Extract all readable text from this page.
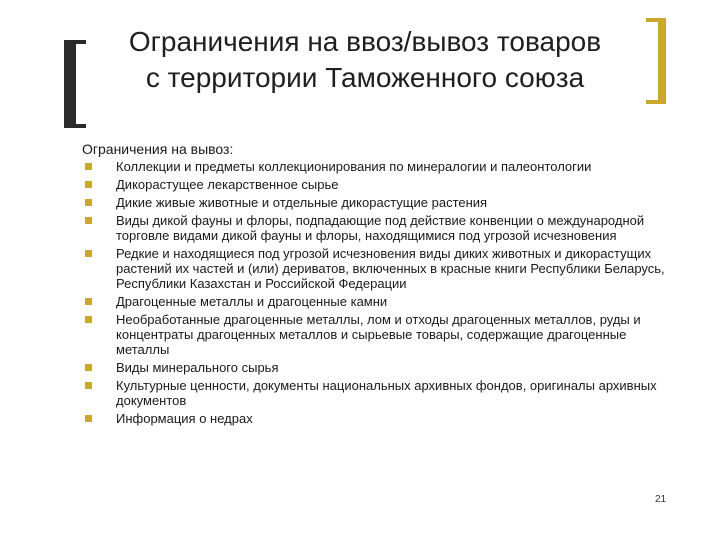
Ограничения на ввоз/вывоз товаров
с территории Таможенного союза
Ограничения на вывоз:
Коллекции и предметы коллекционирования по минералогии и палеонтологии
Дикорастущее лекарственное сырье
Дикие живые животные и отдельные дикорастущие растения
Виды дикой фауны и флоры, подпадающие под действие конвенции о международной торговле видами дикой фауны и флоры, находящимися под угрозой исчезновения
Редкие и находящиеся под угрозой исчезновения виды диких животных и дикорастущих растений их частей и (или) дериватов, включенных в красные книги Республики Беларусь, Республики Казахстан и Российской Федерации
Драгоценные металлы и драгоценные камни
Необработанные драгоценные металлы, лом и отходы драгоценных металлов, руды и концентраты драгоценных металлов и сырьевые товары, содержащие драгоценные металлы
Виды минерального сырья
Культурные ценности, документы национальных архивных фондов, оригиналы архивных документов
Информация о недрах
21
